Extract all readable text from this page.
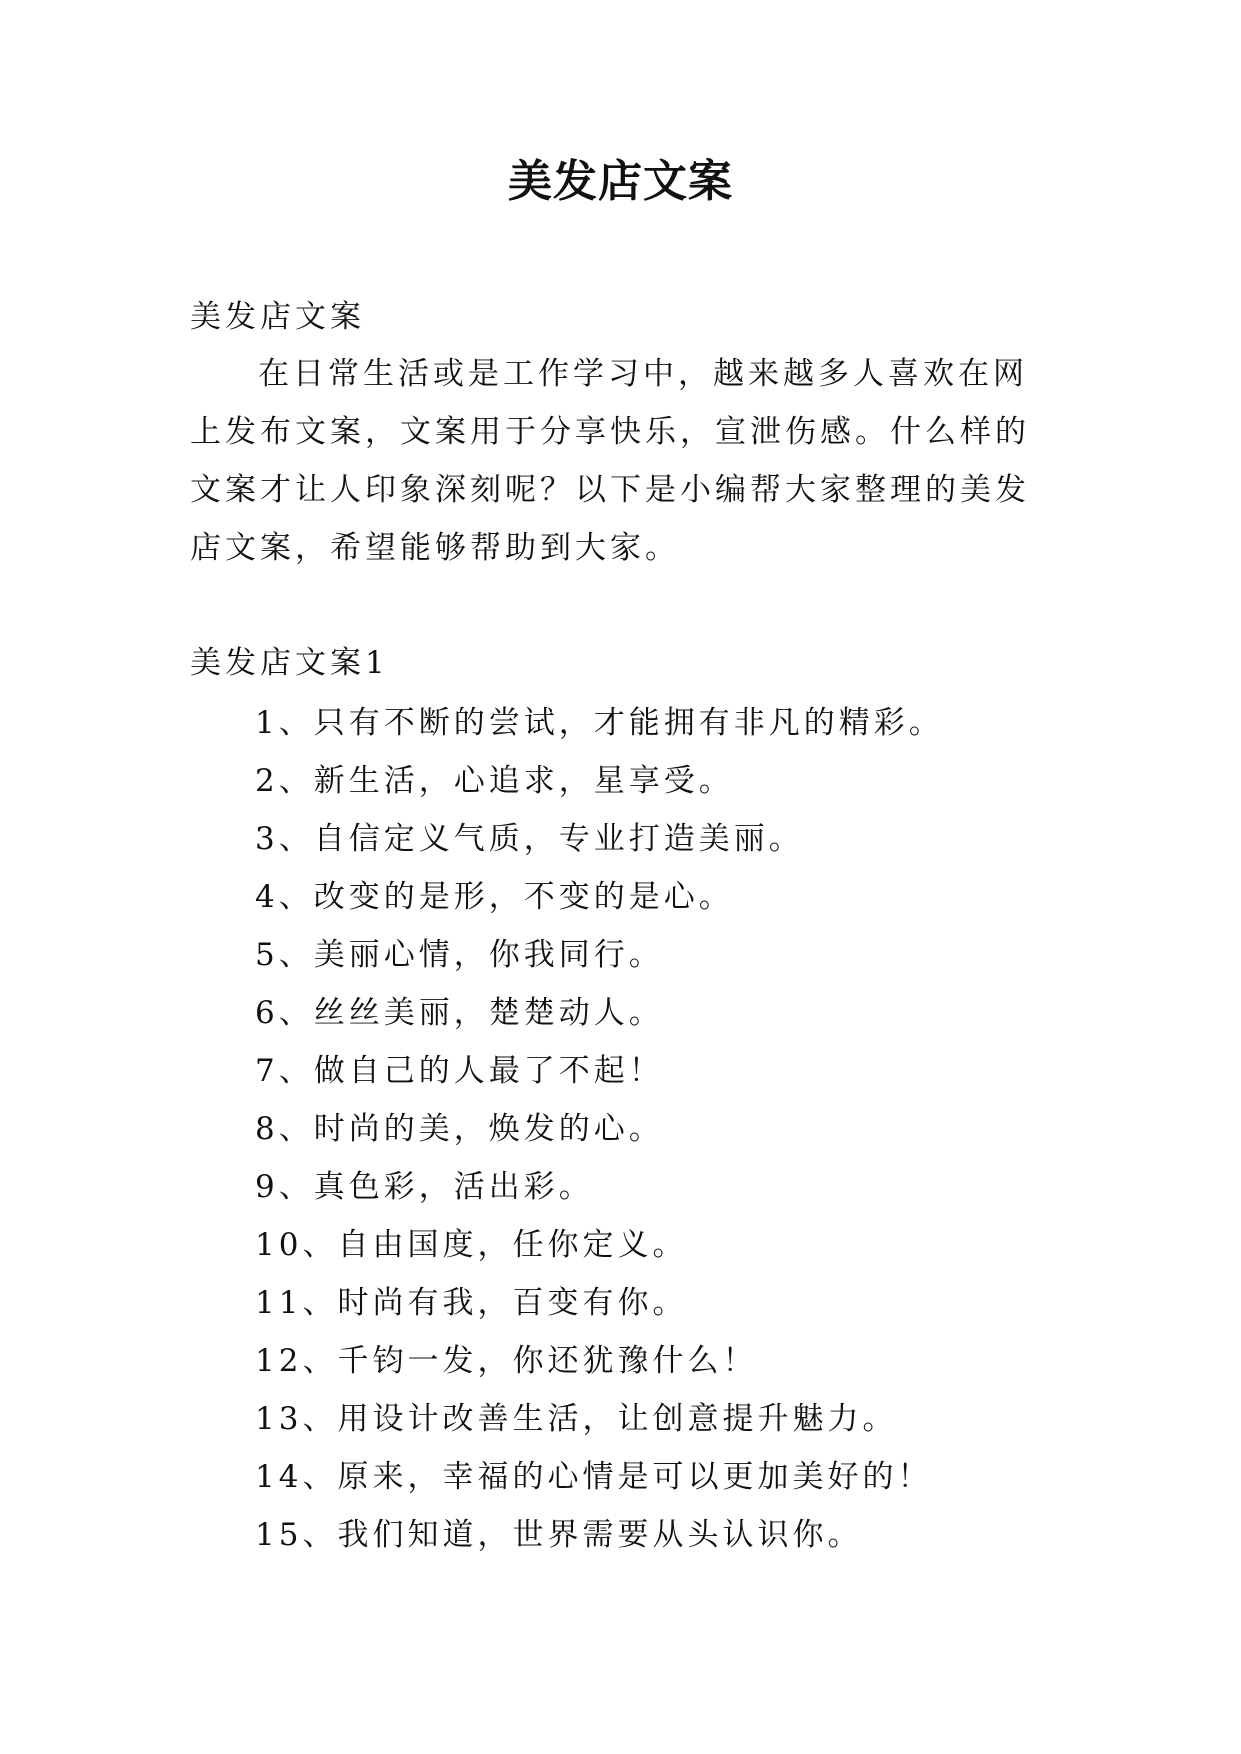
美发店文案
美发店文案
在日常生活或是工作学习中，越来越多人喜欢在网上发布文案，文案用于分享快乐，宣泄伤感。什么样的文案才让人印象深刻呢？以下是小编帮大家整理的美发店文案，希望能够帮助到大家。
美发店文案1
1、只有不断的尝试，才能拥有非凡的精彩。
2、新生活，心追求，星享受。
3、自信定义气质，专业打造美丽。
4、改变的是形，不变的是心。
5、美丽心情，你我同行。
6、丝丝美丽，楚楚动人。
7、做自己的人最了不起！
8、时尚的美，焕发的心。
9、真色彩，活出彩。
10、自由国度，任你定义。
11、时尚有我，百变有你。
12、千钧一发，你还犹豫什么！
13、用设计改善生活，让创意提升魅力。
14、原来，幸福的心情是可以更加美好的！
15、我们知道，世界需要从头认识你。
